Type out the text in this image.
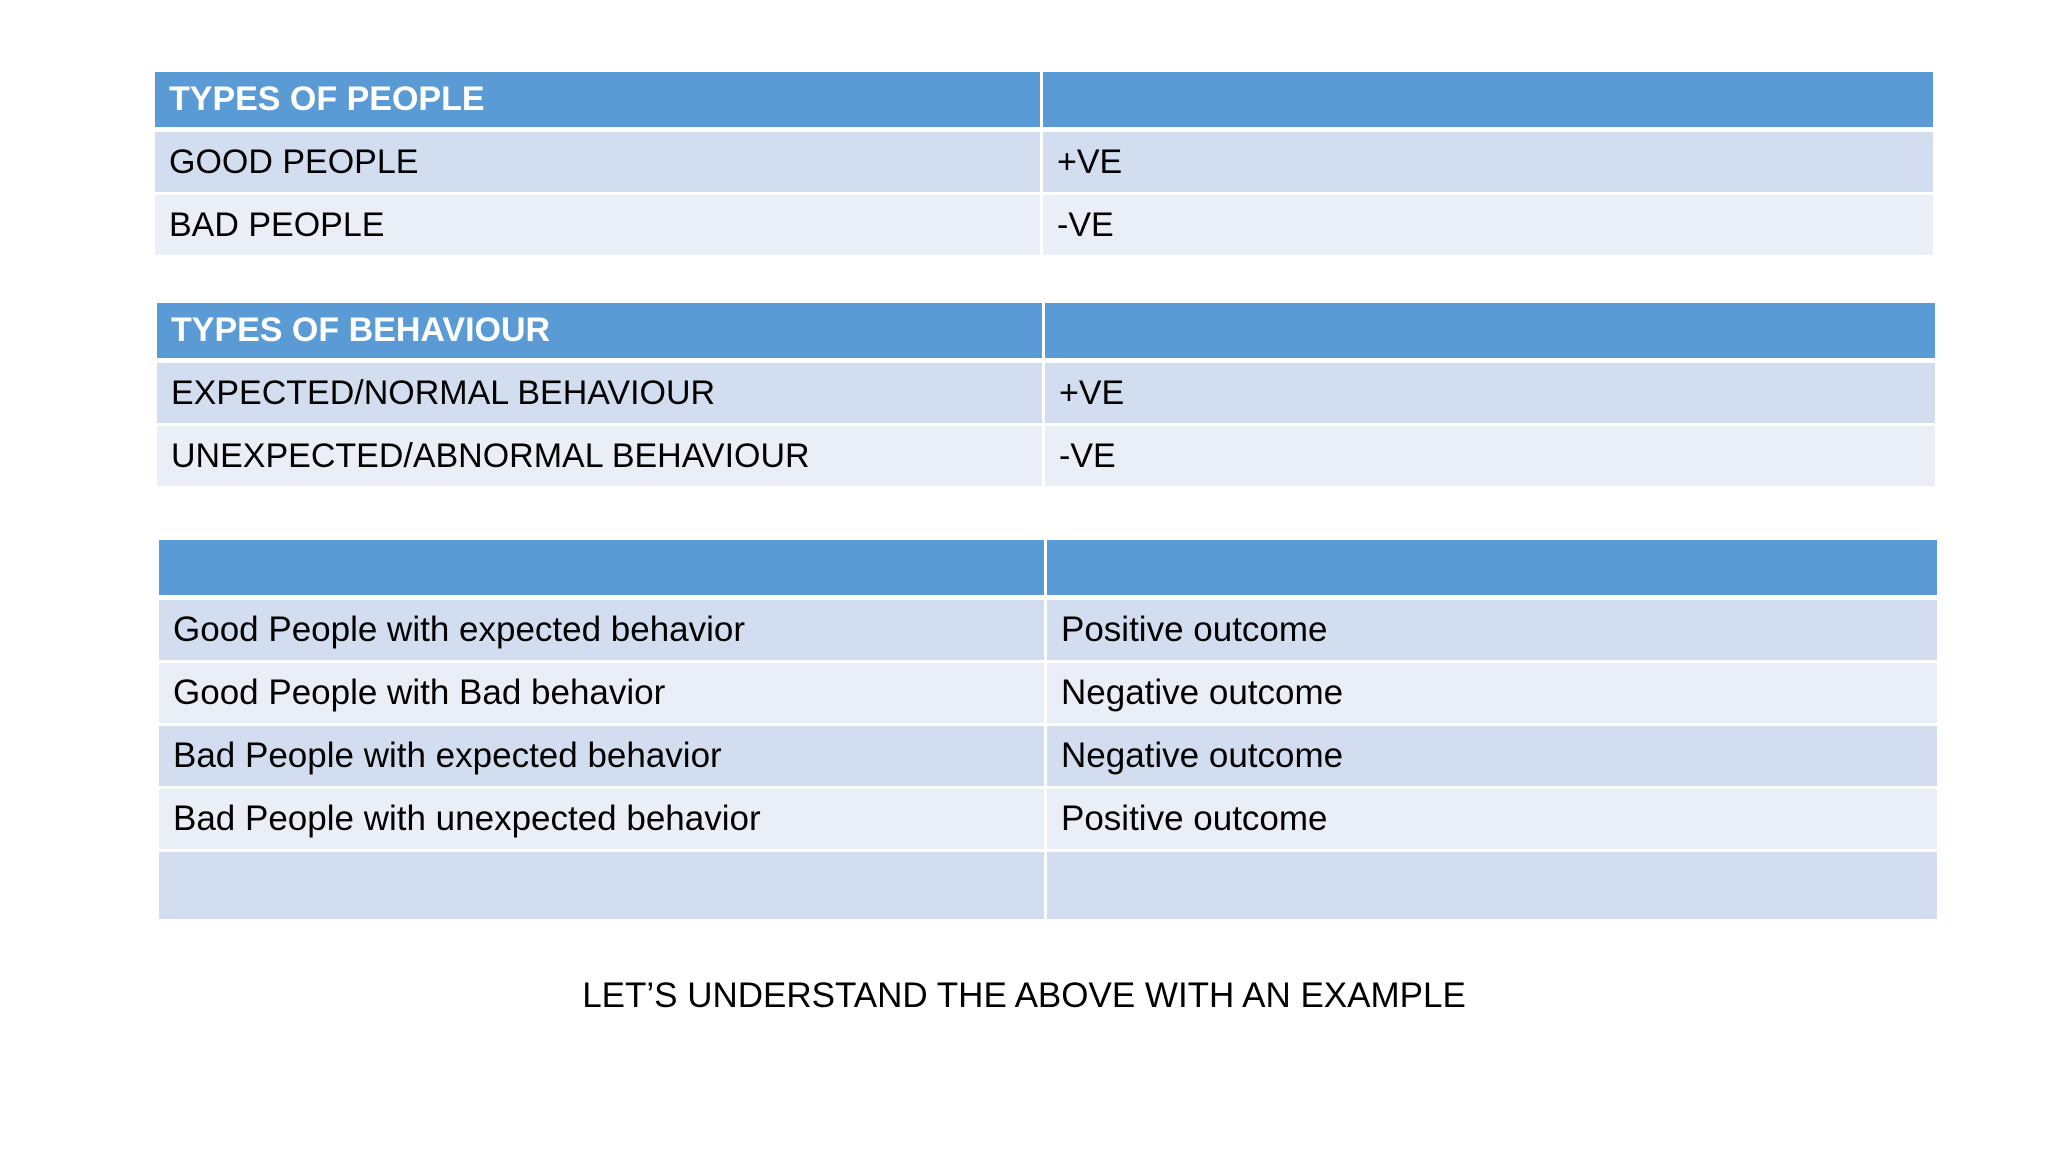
TYPES OF PEOPLE	
GOOD PEOPLE	+VE
BAD PEOPLE	-VE
TYPES OF BEHAVIOUR	
EXPECTED/NORMAL BEHAVIOUR	+VE
UNEXPECTED/ABNORMAL BEHAVIOUR	-VE

Good People with expected behavior	Positive outcome
Good People with Bad behavior	Negative outcome
Bad People with expected behavior	Negative outcome
Bad People with unexpected behavior	Positive outcome

LET’S UNDERSTAND THE ABOVE WITH AN EXAMPLE
